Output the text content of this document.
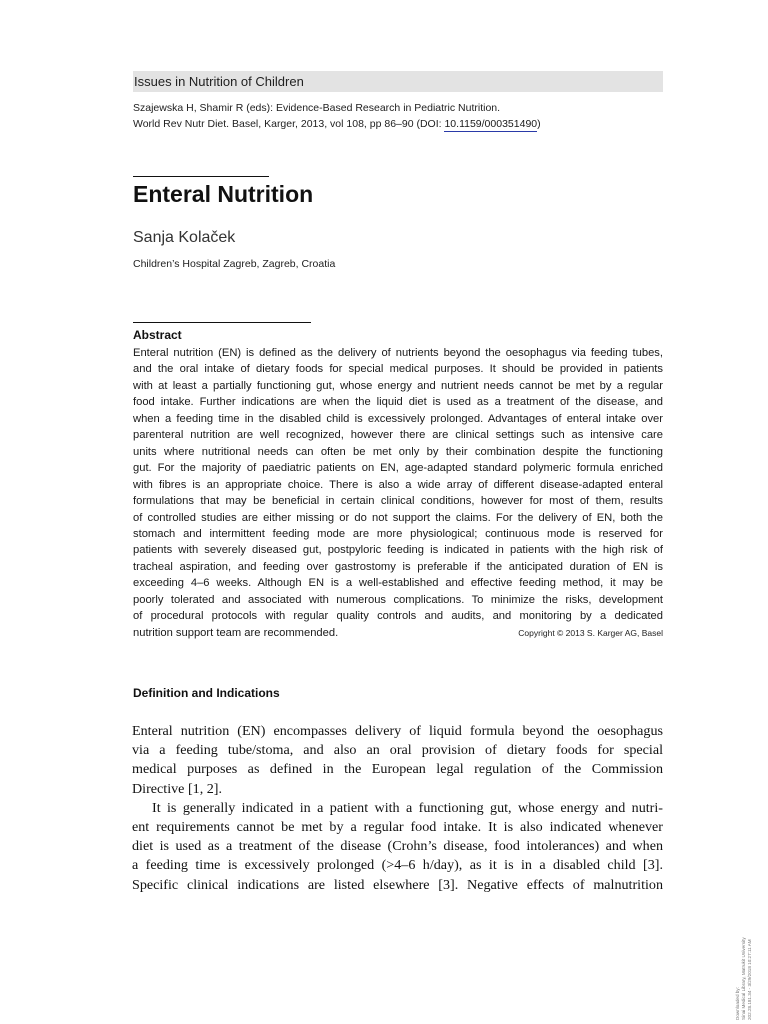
Issues in Nutrition of Children
Szajewska H, Shamir R (eds): Evidence-Based Research in Pediatric Nutrition.
World Rev Nutr Diet. Basel, Karger, 2013, vol 108, pp 86–90 (DOI: 10.1159/000351490)
Enteral Nutrition
Sanja Kolaček
Children’s Hospital Zagreb, Zagreb, Croatia
Abstract
Enteral nutrition (EN) is defined as the delivery of nutrients beyond the oesophagus via feeding tubes,
and the oral intake of dietary foods for special medical purposes. It should be provided in patients
with at least a partially functioning gut, whose energy and nutrient needs cannot be met by a regular
food intake. Further indications are when the liquid diet is used as a treatment of the disease, and
when a feeding time in the disabled child is excessively prolonged. Advantages of enteral intake over
parenteral nutrition are well recognized, however there are clinical settings such as intensive care
units where nutritional needs can often be met only by their combination despite the functioning
gut. For the majority of paediatric patients on EN, age-adapted standard polymeric formula enriched
with fibres is an appropriate choice. There is also a wide array of different disease-adapted enteral
formulations that may be beneficial in certain clinical conditions, however for most of them, results
of controlled studies are either missing or do not support the claims. For the delivery of EN, both the
stomach and intermittent feeding mode are more physiological; continuous mode is reserved for
patients with severely diseased gut, postpyloric feeding is indicated in patients with the high risk of
tracheal aspiration, and feeding over gastrostomy is preferable if the anticipated duration of EN is
exceeding 4–6 weeks. Although EN is a well-established and effective feeding method, it may be
poorly tolerated and associated with numerous complications. To minimize the risks, development
of procedural protocols with regular quality controls and audits, and monitoring by a dedicated
nutrition support team are recommended.	Copyright © 2013 S. Karger AG, Basel
Definition and Indications
Enteral nutrition (EN) encompasses delivery of liquid formula beyond the oesophagus
via a feeding tube/stoma, and also an oral provision of dietary foods for special
medical purposes as defined in the European legal regulation of the Commission
Directive [1, 2].
It is generally indicated in a patient with a functioning gut, whose energy and nutri-
ent requirements cannot be met by a regular food intake. It is also indicated whenever
diet is used as a treatment of the disease (Crohn’s disease, food intolerances) and when
a feeding time is excessively prolonged (>4–6 h/day), as it is in a disabled child [3].
Specific clinical indications are listed elsewhere [3]. Negative effects of malnutrition
Downloaded by: Sinai Medical Library, Matrukit University 202.28.181.34 - 3/29/2018 10:27:11 AM
